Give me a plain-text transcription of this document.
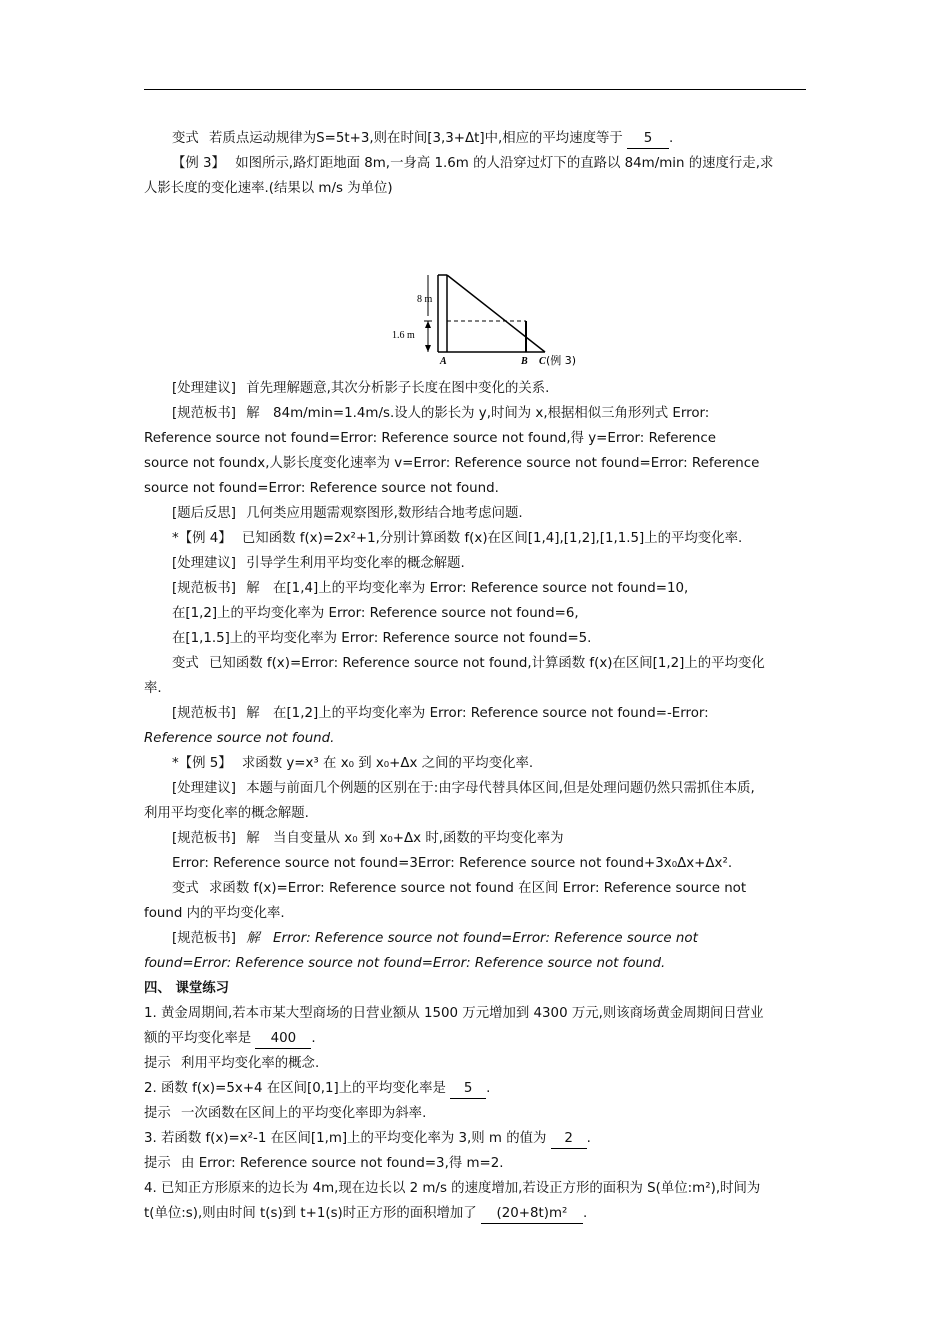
变式 若质点运动规律为S=5t+3,则在时间[3,3+Δt]中,相应的平均速度等于 5 .
【例 3】 如图所示,路灯距地面 8m,一身高 1.6m 的人沿穿过灯下的直路以 84m/min 的速度行走,求
人影长度的变化速率.(结果以 m/s 为单位)
8 m
1.6 m
A	B C (例 3)
[处理建议] 首先理解题意,其次分析影子长度在图中变化的关系.
[规范板书] 解　84m/min=1.4m/s.设人的影长为 y,时间为 x,根据相似三角形列式 Error:
Reference source not found=Error: Reference source not found,得 y=Error: Reference
source not foundx,人影长度变化速率为 v=Error: Reference source not found=Error: Reference
source not found=Error: Reference source not found.
[题后反思] 几何类应用题需观察图形,数形结合地考虑问题.
*【例 4】 已知函数 f(x)=2x²+1,分别计算函数 f(x)在区间[1,4],[1,2],[1,1.5]上的平均变化率.
[处理建议] 引导学生利用平均变化率的概念解题.
[规范板书] 解　在[1,4]上的平均变化率为 Error: Reference source not found=10,
在[1,2]上的平均变化率为 Error: Reference source not found=6,
在[1,1.5]上的平均变化率为 Error: Reference source not found=5.
变式 已知函数 f(x)=Error: Reference source not found,计算函数 f(x)在区间[1,2]上的平均变化
率.
[规范板书] 解　在[1,2]上的平均变化率为 Error: Reference source not found=-Error:
Reference source not found.
*【例 5】 求函数 y=x³ 在 x₀ 到 x₀+Δx 之间的平均变化率.
[处理建议] 本题与前面几个例题的区别在于:由字母代替具体区间,但是处理问题仍然只需抓住本质,
利用平均变化率的概念解题.
[规范板书] 解　当自变量从 x₀ 到 x₀+Δx 时,函数的平均变化率为
Error: Reference source not found=3Error: Reference source not found+3x₀Δx+Δx².
变式 求函数 f(x)=Error: Reference source not found 在区间 Error: Reference source not
found 内的平均变化率.
[规范板书] 解　Error: Reference source not found=Error: Reference source not
found=Error: Reference source not found=Error: Reference source not found.
四、 课堂练习
1. 黄金周期间,若本市某大型商场的日营业额从 1500 万元增加到 4300 万元,则该商场黄金周期间日营业
额的平均变化率是 400 .
提示 利用平均变化率的概念.
2. 函数 f(x)=5x+4 在区间[0,1]上的平均变化率是 5 .
提示 一次函数在区间上的平均变化率即为斜率.
3. 若函数 f(x)=x²-1 在区间[1,m]上的平均变化率为 3,则 m 的值为 2 .
提示 由 Error: Reference source not found=3,得 m=2.
4. 已知正方形原来的边长为 4m,现在边长以 2 m/s 的速度增加,若设正方形的面积为 S(单位:m²),时间为
t(单位:s),则由时间 t(s)到 t+1(s)时正方形的面积增加了 (20+8t)m² .
